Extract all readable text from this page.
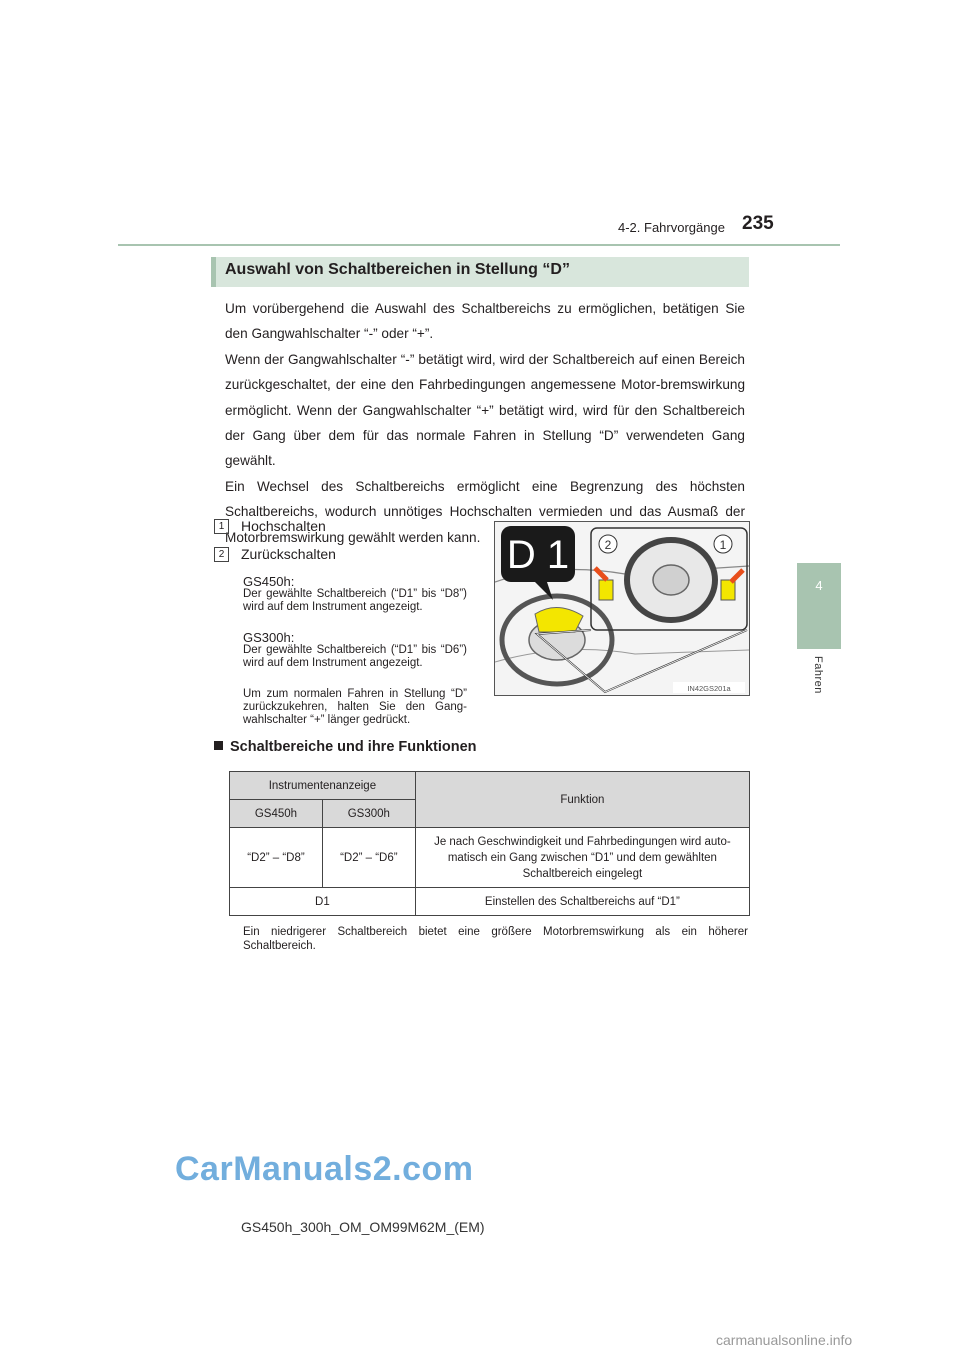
4-2. Fahrvorgänge 235
4
Fahren
Auswahl von Schaltbereichen in Stellung “D”

Um vorübergehend die Auswahl des Schaltbereichs zu ermöglichen, betätigen Sie den Gangwahlschalter “-” oder “+”.

Wenn der Gangwahlschalter “-” betätigt wird, wird der Schaltbereich auf einen Bereich zurückgeschaltet, der eine den Fahrbedingungen angemessene Motor-bremswirkung ermöglicht. Wenn der Gangwahlschalter “+” betätigt wird, wird für den Schaltbereich der Gang über dem für das normale Fahren in Stellung “D” verwendeten Gang gewählt.

Ein Wechsel des Schaltbereichs ermöglicht eine Begrenzung des höchsten Schaltbereichs, wodurch unnötiges Hochschalten vermieden und das Ausmaß der Motorbremswirkung gewählt werden kann.

1	Hochschalten
2	Zurückschalten
GS450h:
Der gewählte Schaltbereich (“D1” bis “D8”) wird auf dem Instrument angezeigt.
GS300h:
Der gewählte Schaltbereich (“D1” bis “D6”) wird auf dem Instrument angezeigt.
Um zum normalen Fahren in Stellung “D” zurückzukehren, halten Sie den Gang-wahlschalter “+” länger gedrückt.
D 1	2	1
IN42GS201a
Schaltbereiche und ihre Funktionen
Instrumentenanzeige		Funktion
GS450h	GS300h	
“D2” – “D8”	“D2” – “D6”	Je nach Geschwindigkeit und Fahrbedingungen wird auto-matisch ein Gang zwischen “D1” und dem gewählten Schaltbereich eingelegt
D1		Einstellen des Schaltbereichs auf “D1”
Ein niedrigerer Schaltbereich bietet eine größere Motorbremswirkung als ein höherer Schaltbereich.
CarManuals2.com
GS450h_300h_OM_OM99M62M_(EM)
carmanualsonline.info
